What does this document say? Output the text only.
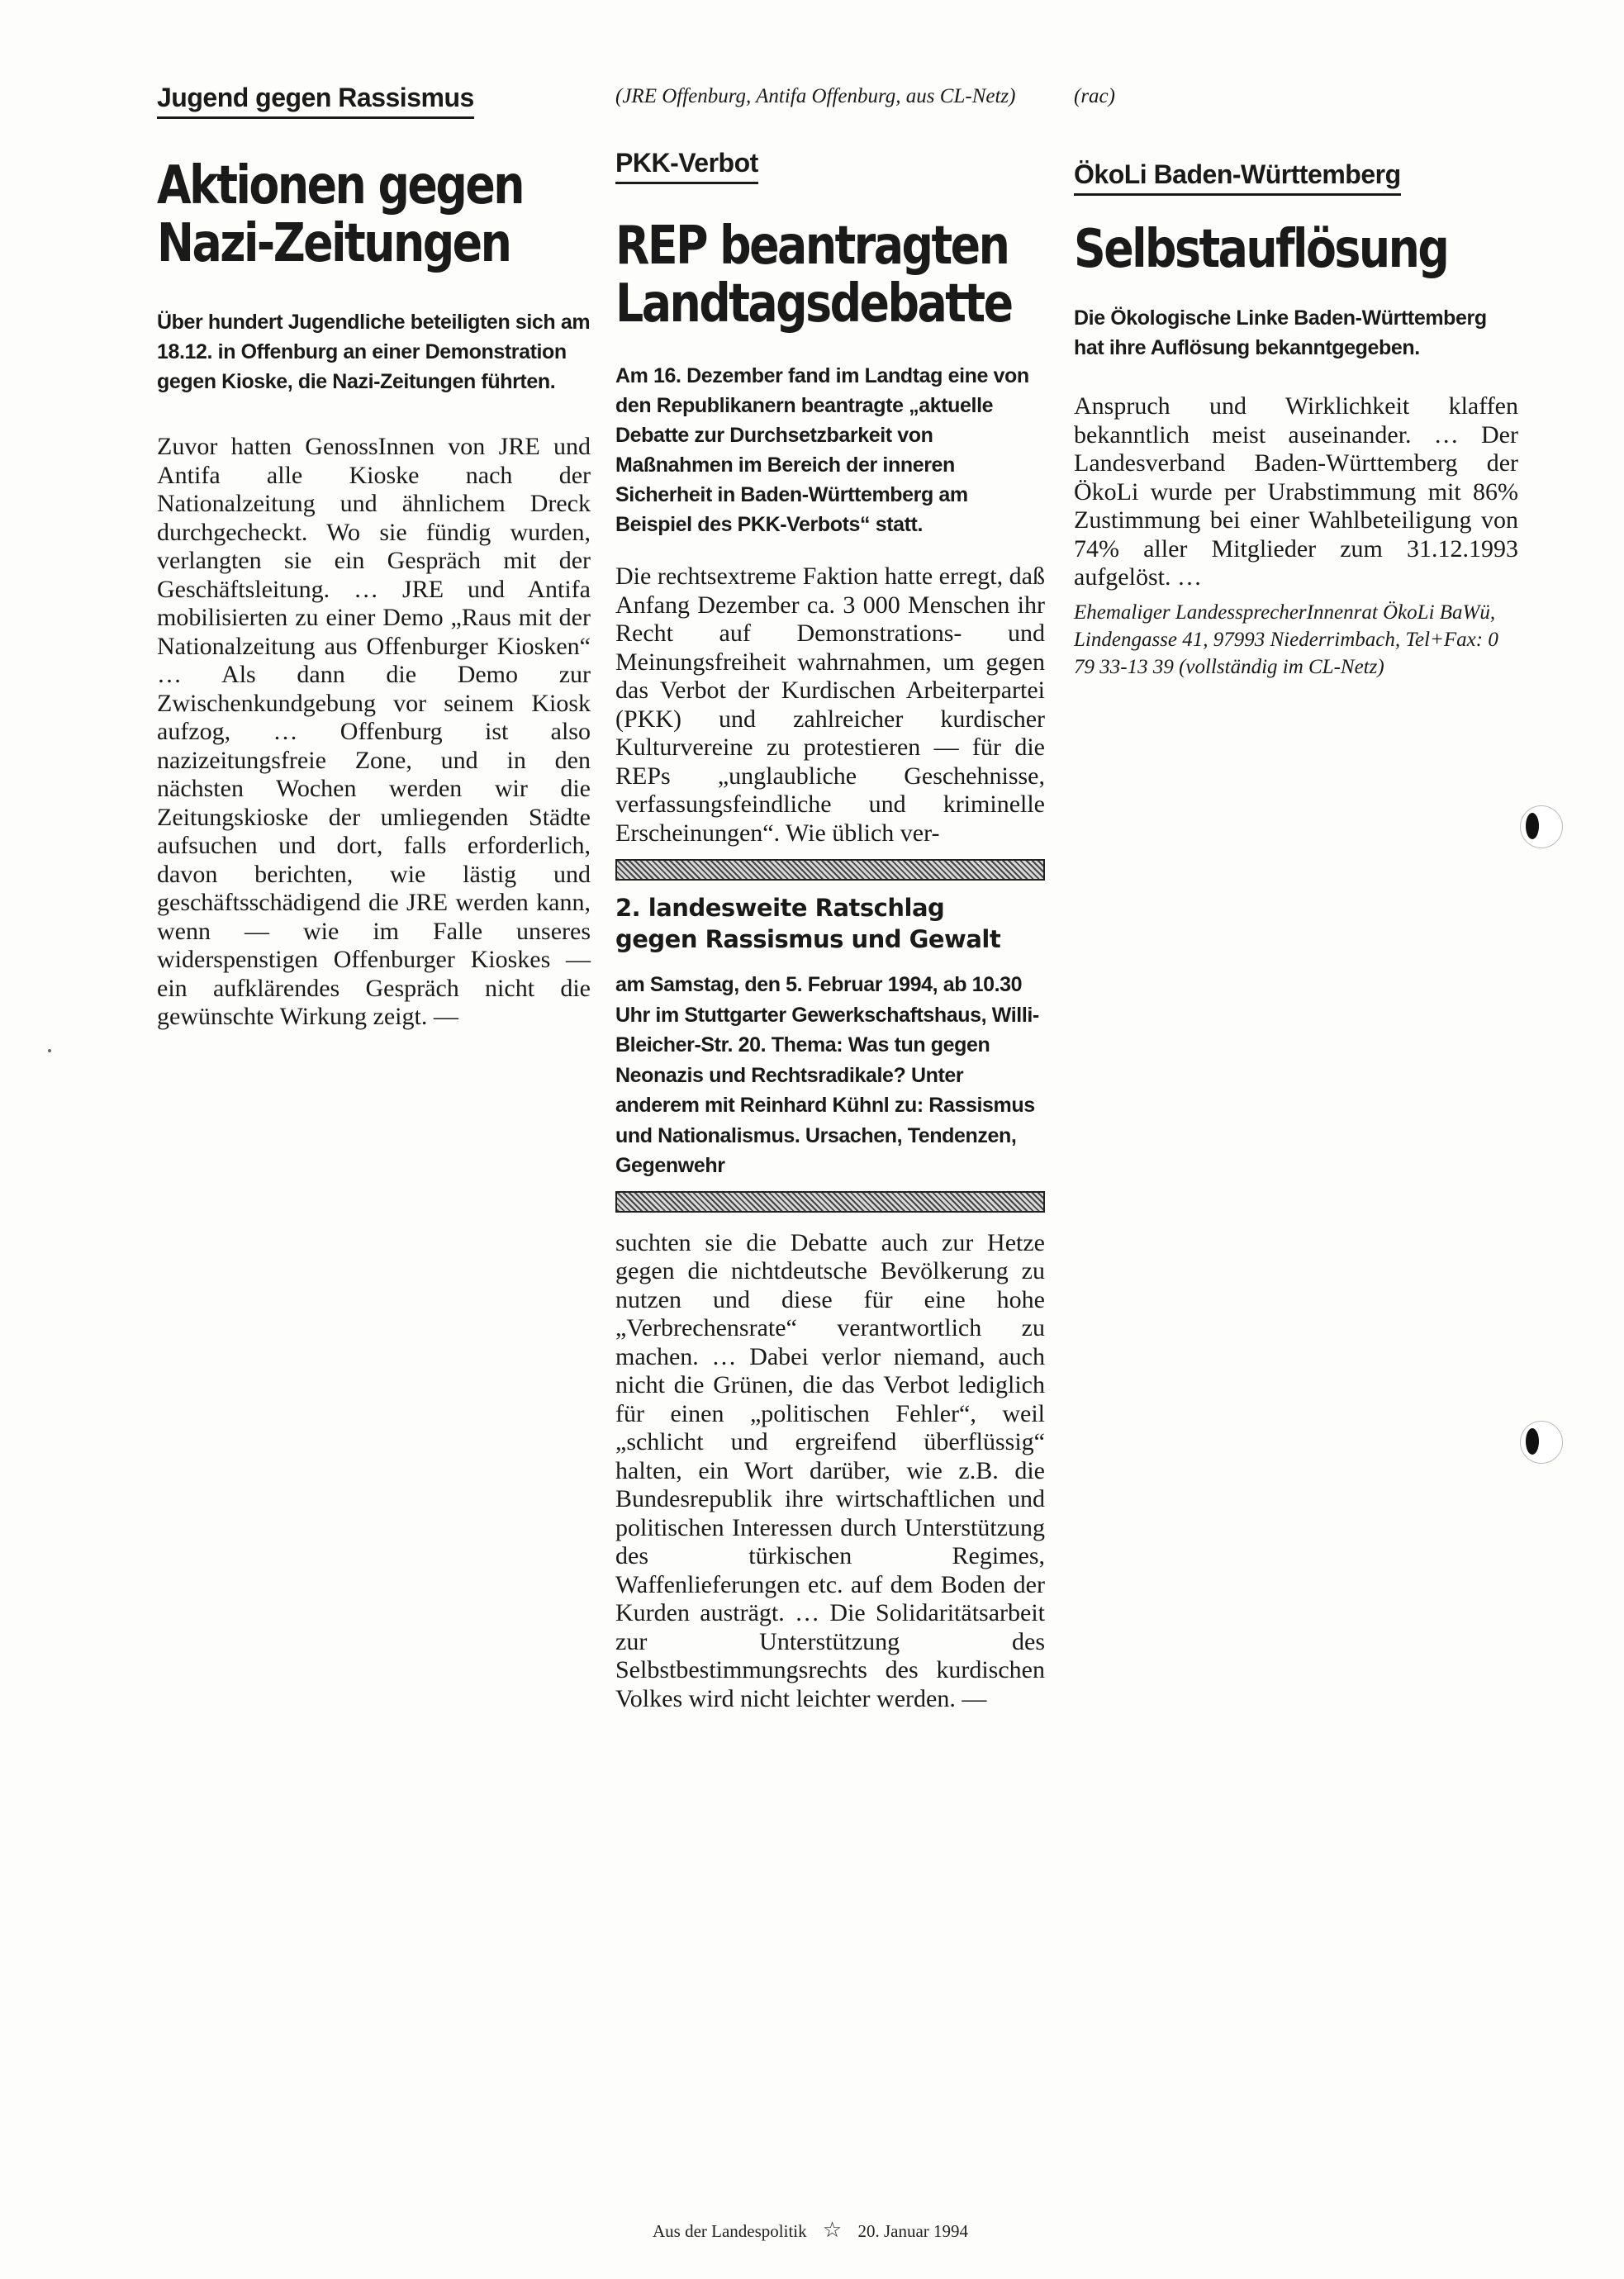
Jugend gegen Rassismus
Aktionen gegen
Nazi-Zeitungen

Über hundert Jugendliche beteiligten sich am 18.12. in Offenburg an einer Demonstration gegen Kioske, die Nazi-Zeitungen führten.

Zuvor hatten GenossInnen von JRE und Antifa alle Kioske nach der Nationalzeitung und ähnlichem Dreck durchgecheckt. Wo sie fündig wurden, verlangten sie ein Gespräch mit der Geschäftsleitung. … JRE und Antifa mobilisierten zu einer Demo „Raus mit der Nationalzeitung aus Offenburger Kiosken“ … Als dann die Demo zur Zwischenkundgebung vor seinem Kiosk aufzog, … Offenburg ist also nazizeitungsfreie Zone, und in den nächsten Wochen werden wir die Zeitungskioske der umliegenden Städte aufsuchen und dort, falls erforderlich, davon berichten, wie lästig und geschäftsschädigend die JRE werden kann, wenn — wie im Falle unseres widerspenstigen Offenburger Kioskes — ein aufklärendes Gespräch nicht die gewünschte Wirkung zeigt. —

(JRE Offenburg, Antifa Offenburg, aus CL-Netz)

PKK-Verbot
REP beantragten
Landtagsdebatte

Am 16. Dezember fand im Landtag eine von den Republikanern beantragte „aktuelle Debatte zur Durchsetzbarkeit von Maßnahmen im Bereich der inneren Sicherheit in Baden-Württemberg am Beispiel des PKK-Verbots“ statt.

Die rechtsextreme Faktion hatte erregt, daß Anfang Dezember ca. 3 000 Menschen ihr Recht auf Demonstrations- und Meinungsfreiheit wahrnahmen, um gegen das Verbot der Kurdischen Arbeiterpartei (PKK) und zahlreicher kurdischer Kulturvereine zu protestieren — für die REPs „unglaubliche Geschehnisse, verfassungsfeindliche und kriminelle Erscheinungen“. Wie üblich ver-

2. landesweite Ratschlag

gegen Rassismus und Gewalt

am Samstag, den 5. Februar 1994, ab 10.30 Uhr im Stuttgarter Gewerkschaftshaus, Willi-Bleicher-Str. 20. Thema: Was tun gegen Neonazis und Rechtsradikale? Unter anderem mit Reinhard Kühnl zu: Rassismus und Nationalismus. Ursachen, Tendenzen, Gegenwehr

suchten sie die Debatte auch zur Hetze gegen die nichtdeutsche Bevölkerung zu nutzen und diese für eine hohe „Verbrechensrate“ verantwortlich zu machen. … Dabei verlor niemand, auch nicht die Grünen, die das Verbot lediglich für einen „politischen Fehler“, weil „schlicht und ergreifend überflüssig“ halten, ein Wort darüber, wie z.B. die Bundesrepublik ihre wirtschaftlichen und politischen Interessen durch Unterstützung des türkischen Regimes, Waffenlieferungen etc. auf dem Boden der Kurden austrägt. … Die Solidaritätsarbeit zur Unterstützung des Selbstbestimmungsrechts des kurdischen Volkes wird nicht leichter werden. —

(rac)

ÖkoLi Baden-Württemberg
Selbstauflösung

Die Ökologische Linke Baden-Württemberg hat ihre Auflösung bekanntgegeben.

Anspruch und Wirklichkeit klaffen bekanntlich meist auseinander. … Der Landesverband Baden-Württemberg der ÖkoLi wurde per Urabstimmung mit 86% Zustimmung bei einer Wahlbeteiligung von 74% aller Mitglieder zum 31.12.1993 aufgelöst. …

Ehemaliger LandessprecherInnenrat ÖkoLi BaWü, Lindengasse 41, 97993 Niederrimbach, Tel+Fax: 0 79 33-13 39 (vollständig im CL-Netz)

Aus der Landespolitik ☆ 20. Januar 1994
